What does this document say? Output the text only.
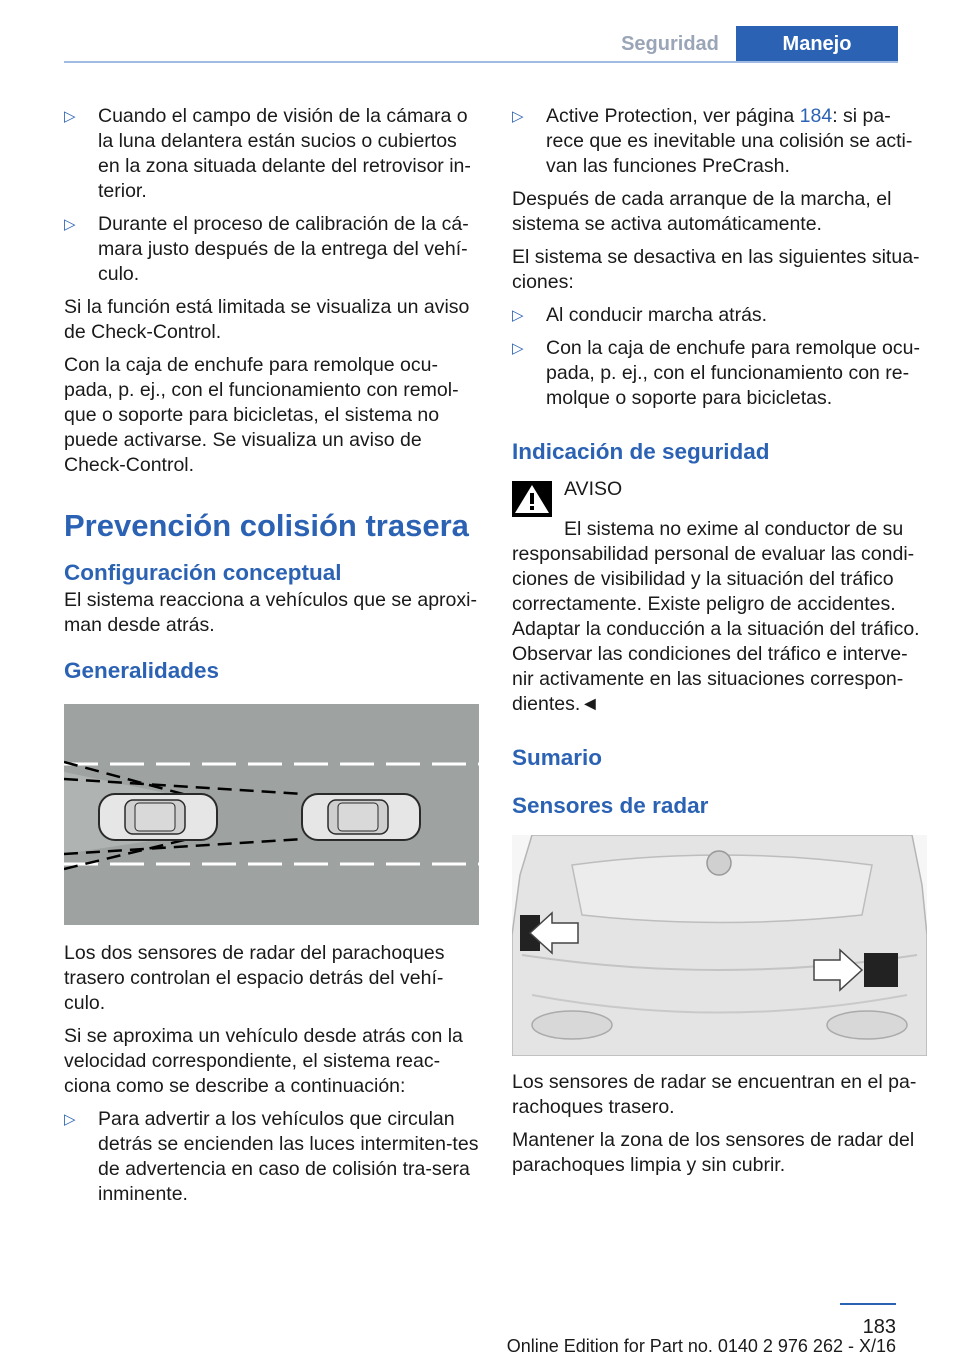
Seguridad	Manejo
▷	Cuando el campo de visión de la cámara o la luna delantera están sucios o cubiertos en la zona situada delante del retrovisor in‐terior.
▷	Durante el proceso de calibración de la cá‐mara justo después de la entrega del vehí‐culo.

Si la función está limitada se visualiza un aviso de Check-Control.

Con la caja de enchufe para remolque ocu‐pada, p. ej., con el funcionamiento con remol‐que o soporte para bicicletas, el sistema no puede activarse. Se visualiza un aviso de Check-Control.

Prevención colisión trasera
Configuración conceptual

El sistema reacciona a vehículos que se aproxi‐man desde atrás.

Generalidades

Los dos sensores de radar del parachoques trasero controlan el espacio detrás del vehí‐culo.

Si se aproxima un vehículo desde atrás con la velocidad correspondiente, el sistema reac‐ciona como se describe a continuación:

▷	Para advertir a los vehículos que circulan detrás se encienden las luces intermiten‐tes de advertencia en caso de colisión tra‐sera inminente.
▷	Active Protection, ver página 184: si pa‐rece que es inevitable una colisión se acti‐van las funciones PreCrash.

Después de cada arranque de la marcha, el sistema se activa automáticamente.

El sistema se desactiva en las siguientes situa‐ciones:

▷	Al conducir marcha atrás.
▷	Con la caja de enchufe para remolque ocu‐pada, p. ej., con el funcionamiento con re‐molque o soporte para bicicletas.
Indicación de seguridad
AVISO

El sistema no exime al conductor de su responsabilidad personal de evaluar las condi‐ciones de visibilidad y la situación del tráfico correctamente. Existe peligro de accidentes. Adaptar la conducción a la situación del tráfico. Observar las condiciones del tráfico e interve‐nir activamente en las situaciones correspon‐dientes.◄

Sumario
Sensores de radar

Los sensores de radar se encuentran en el pa‐rachoques trasero.

Mantener la zona de los sensores de radar del parachoques limpia y sin cubrir.

183
Online Edition for Part no. 0140 2 976 262 - X/16
